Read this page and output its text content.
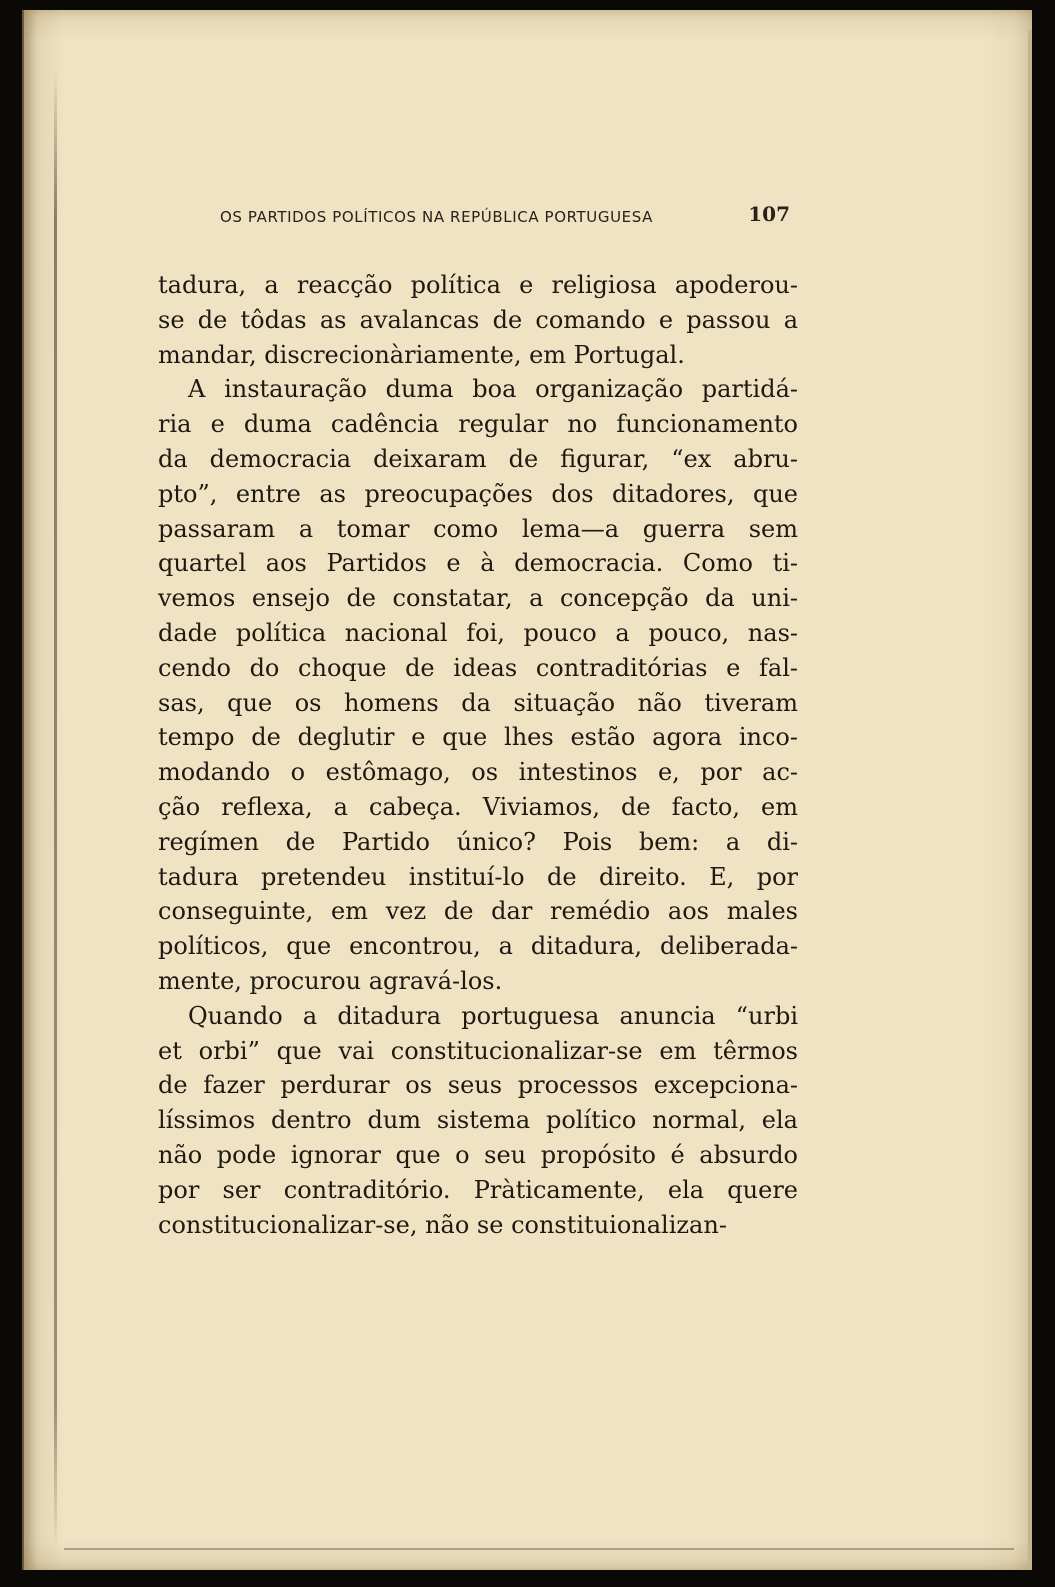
OS PARTIDOS POLÍTICOS NA REPÚBLICA PORTUGUESA	107
tadura, a reacção política e religiosa apoderou-
se de tôdas as avalancas de comando e passou a
mandar, discrecionàriamente, em Portugal.
A instauração duma boa organização partidá-
ria e duma cadência regular no funcionamento
da democracia deixaram de figurar, “ex abru-
pto”, entre as preocupações dos ditadores, que
passaram a tomar como lema—a guerra sem
quartel aos Partidos e à democracia. Como ti-
vemos ensejo de constatar, a concepção da uni-
dade política nacional foi, pouco a pouco, nas-
cendo do choque de ideas contraditórias e fal-
sas, que os homens da situação não tiveram
tempo de deglutir e que lhes estão agora inco-
modando o estômago, os intestinos e, por ac-
ção reflexa, a cabeça. Viviamos, de facto, em
regímen de Partido único? Pois bem: a di-
tadura pretendeu instituí-lo de direito. E, por
conseguinte, em vez de dar remédio aos males
políticos, que encontrou, a ditadura, deliberada-
mente, procurou agravá-los.
Quando a ditadura portuguesa anuncia “urbi
et orbi” que vai constitucionalizar-se em têrmos
de fazer perdurar os seus processos excepciona-
líssimos dentro dum sistema político normal, ela
não pode ignorar que o seu propósito é absurdo
por ser contraditório. Pràticamente, ela quere
constitucionalizar-se, não se constituionalizan-
